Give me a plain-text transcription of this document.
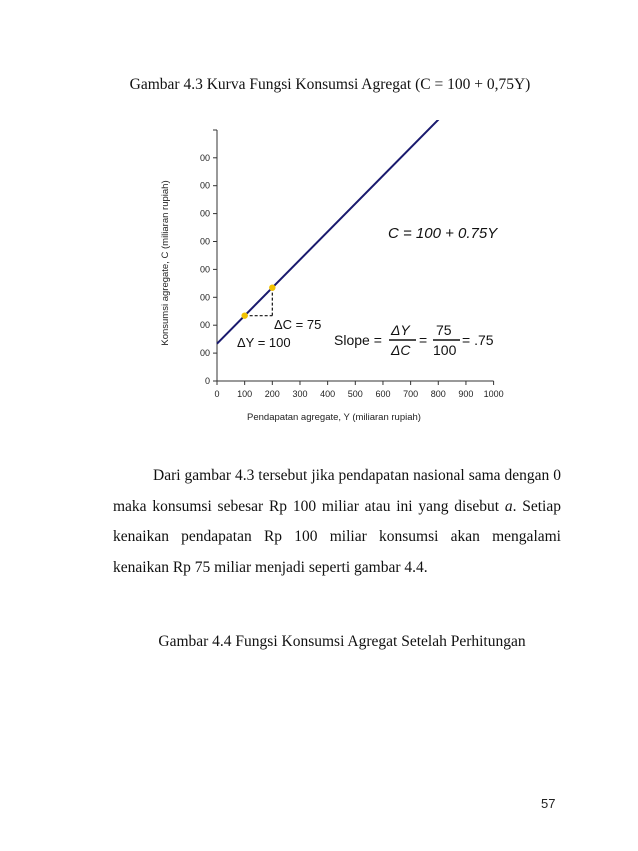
Gambar 4.3 Kurva Fungsi Konsumsi Agregat (C = 100 + 0,75Y)
Konsumsi agregate, C (miliaran rupiah)
0
00
00
00
00
00
00
00
00
0 100 200 300 400 500 600 700 800 900 1000
Pendapatan agregate, Y (miliaran rupiah)
C = 100 + 0.75Y
ΔC = 75
ΔY = 100	Slope =
ΔY
ΔC
=
75
100
= .75

Dari gambar 4.3 tersebut jika pendapatan nasional sama dengan 0 maka konsumsi sebesar Rp 100 miliar atau ini yang disebut a. Setiap kenaikan pendapatan Rp 100 miliar konsumsi akan mengalami kenaikan Rp 75 miliar menjadi seperti gambar 4.4.

Gambar 4.4 Fungsi Konsumsi Agregat Setelah Perhitungan
57
